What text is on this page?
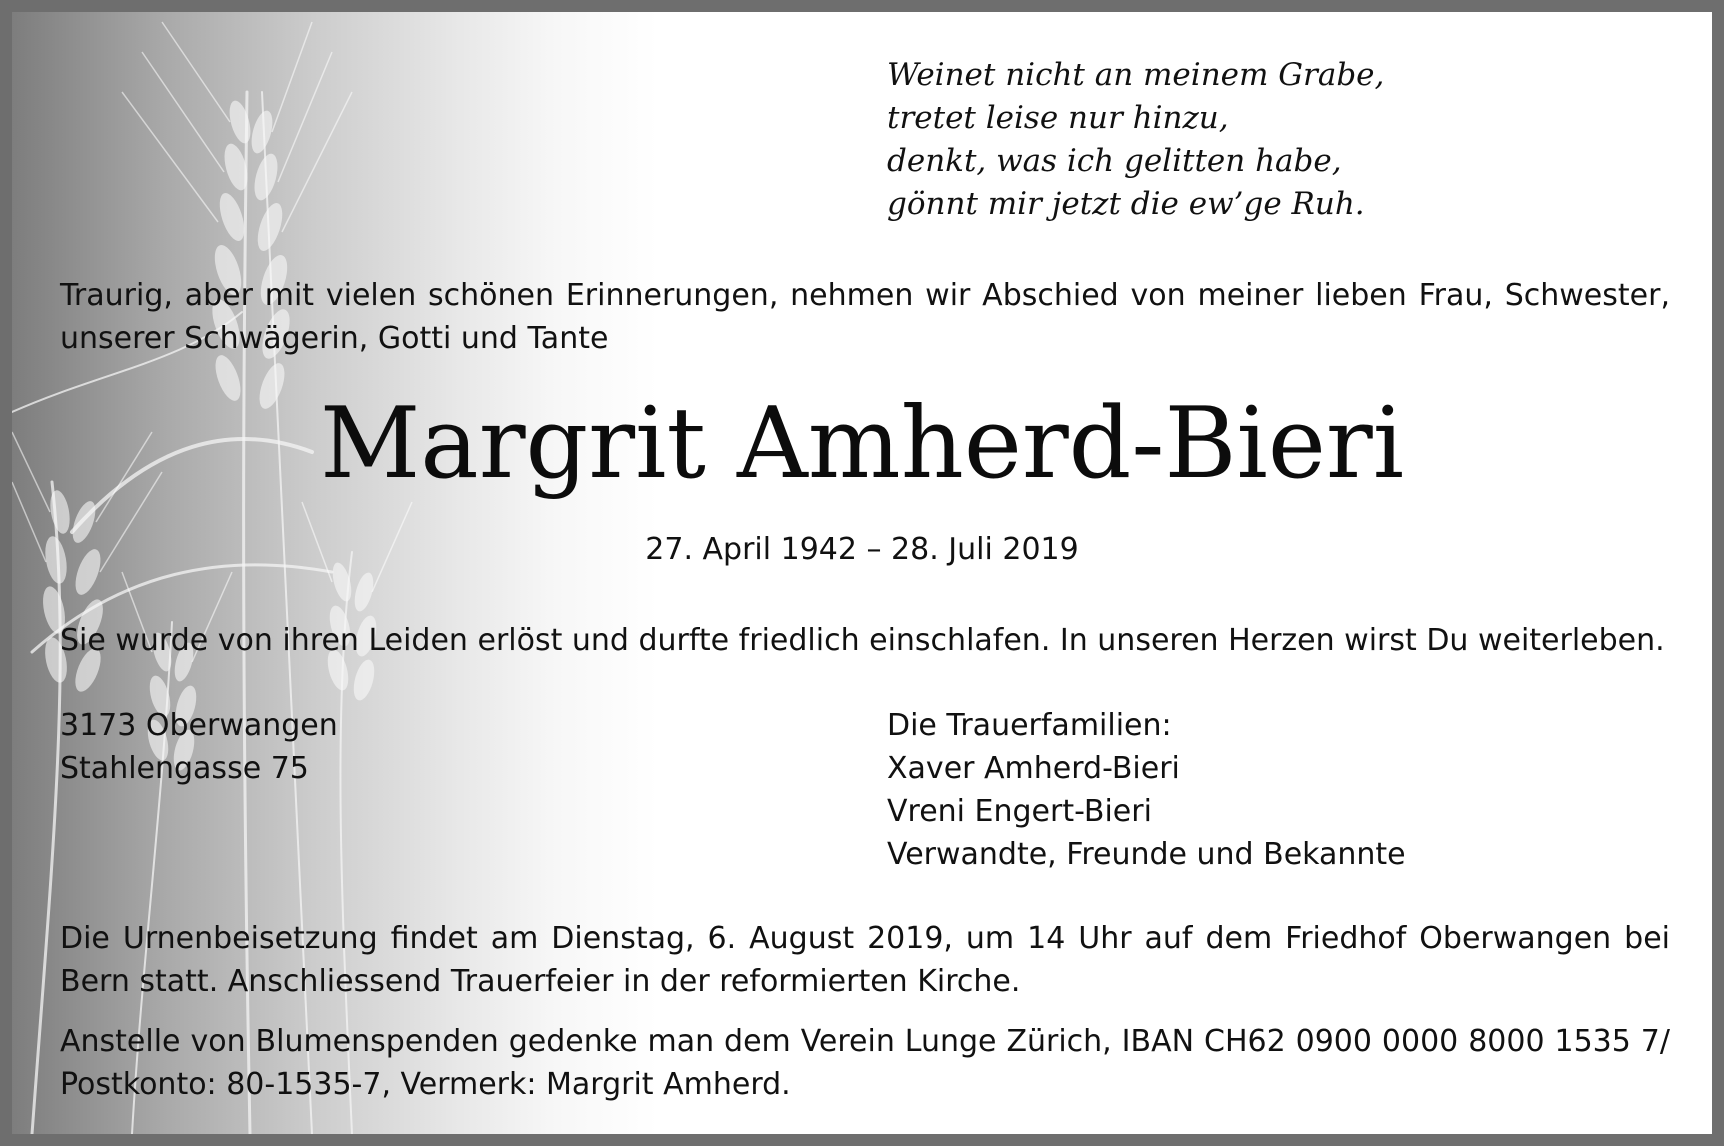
Weinet nicht an meinem Grabe,
tretet leise nur hinzu,
denkt, was ich gelitten habe,
gönnt mir jetzt die ew’ge Ruh.
Traurig, aber mit vielen schönen Erinnerungen, nehmen wir Abschied von meiner lieben Frau, Schwester, unserer Schwägerin, Gotti und Tante
Margrit Amherd-Bieri
27. April 1942 – 28. Juli 2019
Sie wurde von ihren Leiden erlöst und durfte friedlich einschlafen. In unseren Herzen wirst Du weiterleben.
3173 Oberwangen
Stahlengasse 75
Die Trauerfamilien:
Xaver Amherd-Bieri
Vreni Engert-Bieri
Verwandte, Freunde und Bekannte
Die Urnenbeisetzung findet am Dienstag, 6. August 2019, um 14 Uhr auf dem Friedhof Oberwangen bei Bern statt. Anschliessend Trauerfeier in der reformierten Kirche.
Anstelle von Blumenspenden gedenke man dem Verein Lunge Zürich, IBAN CH62 0900 0000 8000 1535 7/ Postkonto: 80-1535-7, Vermerk: Margrit Amherd.
